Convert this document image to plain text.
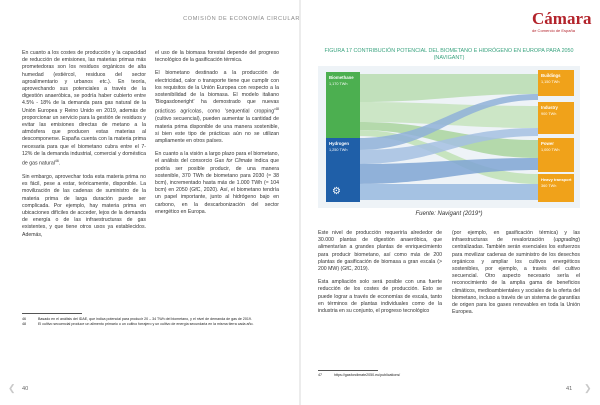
COMISIÓN DE ECONOMÍA CIRCULAR	Cámara
de Comercio de España

En cuanto a los costes de producción y la capacidad de reducción de emisiones, las materias primas más prometedoras son los residuos orgánicos de alta humedad (estiércol, residuos del sector agroalimentario y urbanos etc.). En teoría, aprovechando sus potenciales a través de la digestión anaeróbica, se podría haber cubierto entre 4.5% - 18% de la demanda para gas natural de la Unión Europea y Reino Unido en 2019, además de proporcionar un servicio para la gestión de residuos y evitar las emisiones directas de metano a la atmósfera que producen estas materias al descomponerse. España cuenta con la materia prima necesaria para que el biometano cubra entre el 7-12% de la demanda industrial, comercial y doméstica de gas natural$^{46}$.

Sin embargo, aprovechar toda esta materia prima no es fácil, pese a estar, teóricamente, disponible. La movilización de las cadenas de suministro de la materia prima de larga duración puede ser complicada. Por ejemplo, hay materia prima en ubicaciones difíciles de acceder, lejos de la demanda de energía o de las infraestructuras de gas existentes, y que tiene otros usos ya establecidos. Además,

el uso de la biomasa forestal depende del progreso tecnológico de la gasificación térmica.

El biometano destinado a la producción de electricidad, calor o transporte tiene que cumplir con los requisitos de la Unión Europea con respecto a la sostenibilidad de la biomasa. El modelo italiano 'Biogasdoneright' ha demostrado que nuevas prácticas agrícolas, como 'sequential $cropping'^{48}$ (cultivo secuencial), pueden aumentar la cantidad de materia prima disponible de una manera sostenible, si bien este tipo de prácticas aún no se utilizan ampliamente en otros países.

En cuanto a la visión a largo plazo para el biometano, el análisis del consorcio Gas for Climate indica que podría ser posible producir, de una manera sostenible, 370 TWh de biometano para 2030 (≈ 38 bcm), incrementado hasta más de 1.000 TWh (≈ 104 bcm) en 2050 (GfC, 2020). Así, el biometano tendría un papel importante, junto al hidrógeno bajo en carbono, en la descarbonización del sector energético en Europa.

46	Basado en el análisis del IDAE, que indica potencial para producir 20 – 34 TWh del biometano, y el nivel de demanda de gas de 2019.
48	El cultivo secuencial produce un alimento primario o un cultivo forrajero y un cultivo de energía secundaria en la misma tierra cada año.
❮ 40
FIGURA 17 CONTRIBUCIÓN POTENCIAL DEL BIOMETANO E HIDRÓGENO EN EUROPA PARA 2050 (NAVIGANT)
Biomethane
1,170 TWh
Hydrogen
1,250 TWh
⚙
Buildings
1,150 TWh
Industry
900 TWh
Power
1,000 TWh
Heavy transport
360 TWh
Fuente: Navigant (2019*)

Este nivel de producción requeriría alrededor de 30.000 plantas de digestión anaeróbica, que alimentarían a grandes plantas de enriquecimiento para producir biometano, así como más de 200 plantas de gasificación de biomasa a gran escala (> 200 MW) (GfC, 2019).

Esta ampliación solo será posible con una fuerte reducción de los costes de producción. Esto se puede lograr a través de economías de escala, tanto en términos de plantas individuales como de la industria en su conjunto, el progreso tecnológico

(por ejemplo, en gasificación térmica) y las infraestructuras de revalorización (upgrading) centralizadas. También serán esenciales los esfuerzos para movilizar cadenas de suministro de los desechos orgánicos y ampliar los cultivos energéticos sostenibles, por ejemplo, a través del cultivo secuencial. Otro aspecto necesario sería el reconocimiento de la amplia gama de beneficios climáticos, medioambientales y sociales de la oferta del biometano, incluso a través de un sistema de garantías de origen para los gases renovables en toda la Unión Europea.

47	https://gasforclimate2050.eu/publications/
41 ❯
